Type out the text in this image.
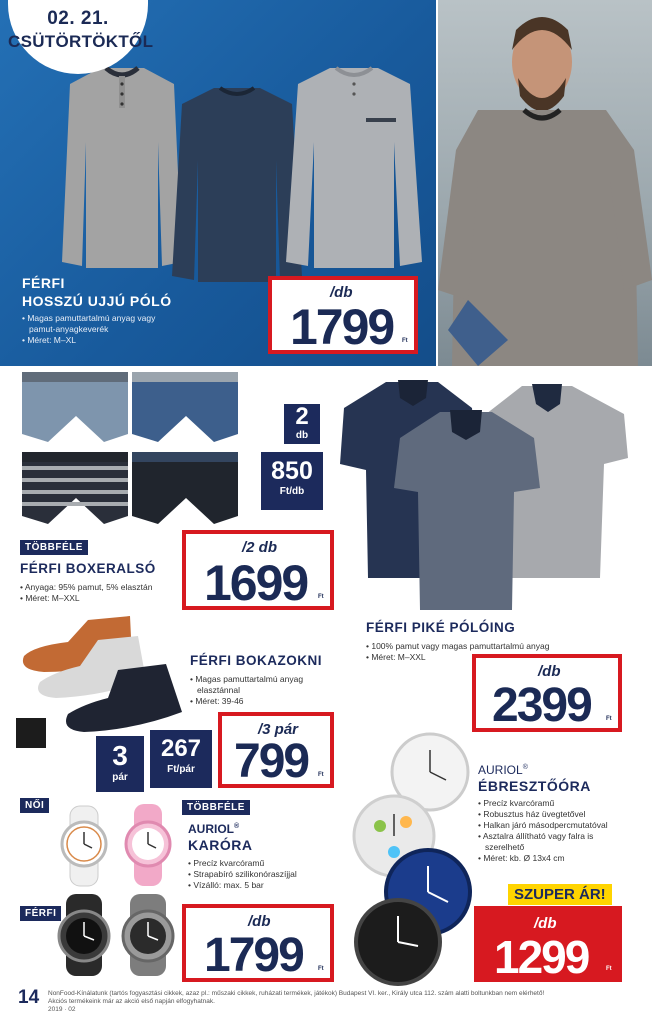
02. 21.
CSÜTÖRTÖKTŐL
FÉRFI
HOSSZÚ UJJÚ PÓLÓ
• Magas pamuttartalmú anyag vagy
pamut-anyagkeverék
• Méret: M–XL
/db
1799 Ft
2
db
850
Ft/db
TÖBBFÉLE
FÉRFI BOXERALSÓ
• Anyaga: 95% pamut, 5% elasztán
• Méret: M–XXL
/2 db
1699 Ft
FÉRFI PIKÉ PÓLÓING
• 100% pamut vagy magas pamuttartalmú anyag
• Méret: M–XXL
/db
2399	Ft
FÉRFI BOKAZOKNI
• Magas pamuttartalmú anyag
elasztánnal
• Méret: 39-46
3
pár
267
Ft/pár
/3 pár
799 Ft
NŐI	TÖBBFÉLE
FÉRFI
AURIOL®
KARÓRA
• Precíz kvarcóramű
• Strapabíró szilikonóraszíjjal
• Vízálló: max. 5 bar
/db
1799	Ft
AURIOL®
ÉBRESZTŐÓRA
• Precíz kvarcóramű
• Robusztus ház üvegtetővel
• Halkan járó másodpercmutatóval
• Asztalra állítható vagy falra is
szerelhető
• Méret: kb. Ø 13x4 cm
SZUPER ÁR!
/db
1299	Ft
14 NonFood-Kínálatunk (tartós fogyasztási cikkek, azaz pl.: műszaki cikkek, ruházati termékek, játékok) Budapest VI. ker., Király utca 112. szám alatti boltunkban nem elérhető!
Akciós termékeink már az akció első napján elfogyhatnak.
2019 · 02
